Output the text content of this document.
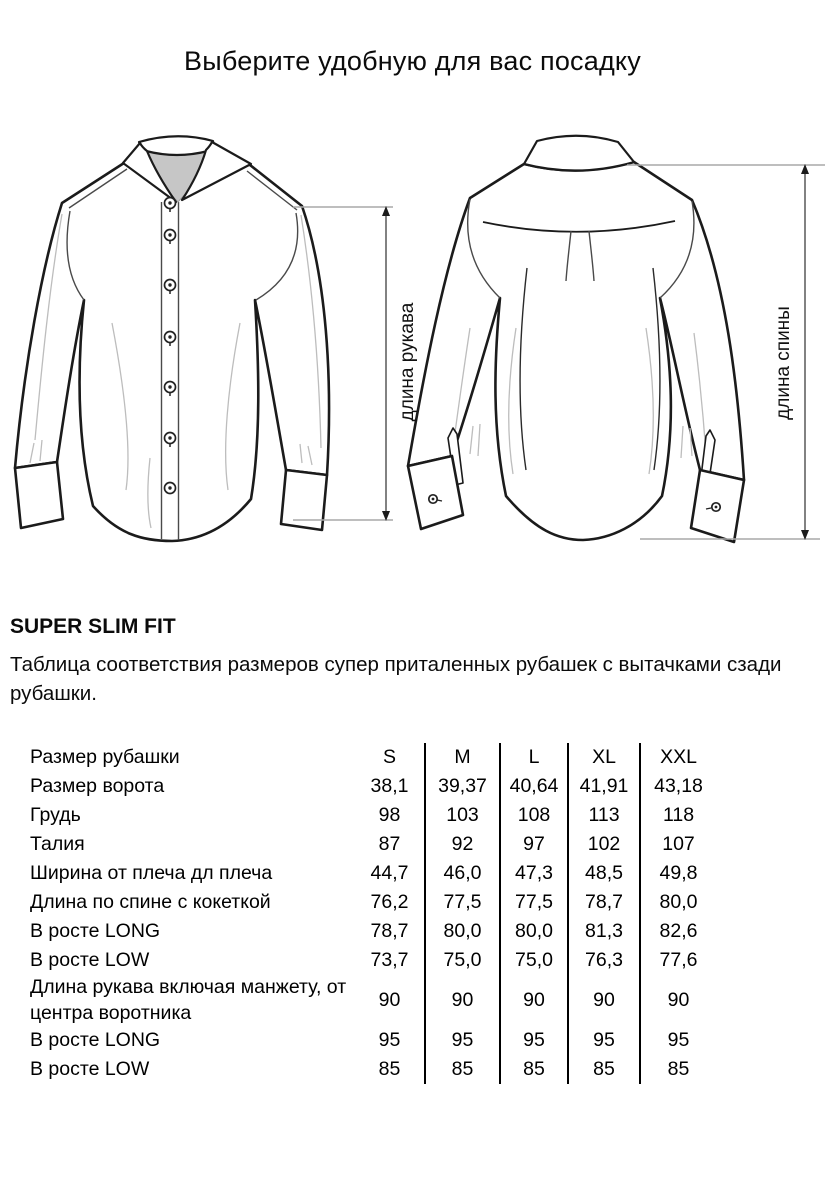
Выберите удобную для вас посадку
длина рукава	длина спины
SUPER SLIM FIT
Таблица соответствия размеров супер приталенных рубашек с вытачками сзади рубашки.
Размер рубашки	S	M	L	XL	XXL
Размер ворота	38,1	39,37	40,64	41,91	43,18
Грудь	98	103	108	113	118
Талия	87	92	97	102	107
Ширина от плеча дл плеча	44,7	46,0	47,3	48,5	49,8
Длина по спине с кокеткой	76,2	77,5	77,5	78,7	80,0
В росте LONG	78,7	80,0	80,0	81,3	82,6
В росте LOW	73,7	75,0	75,0	76,3	77,6
Длина рукава включая манжету, от центра воротника	90	90	90	90	90
В росте LONG	95	95	95	95	95
В росте LOW	85	85	85	85	85
